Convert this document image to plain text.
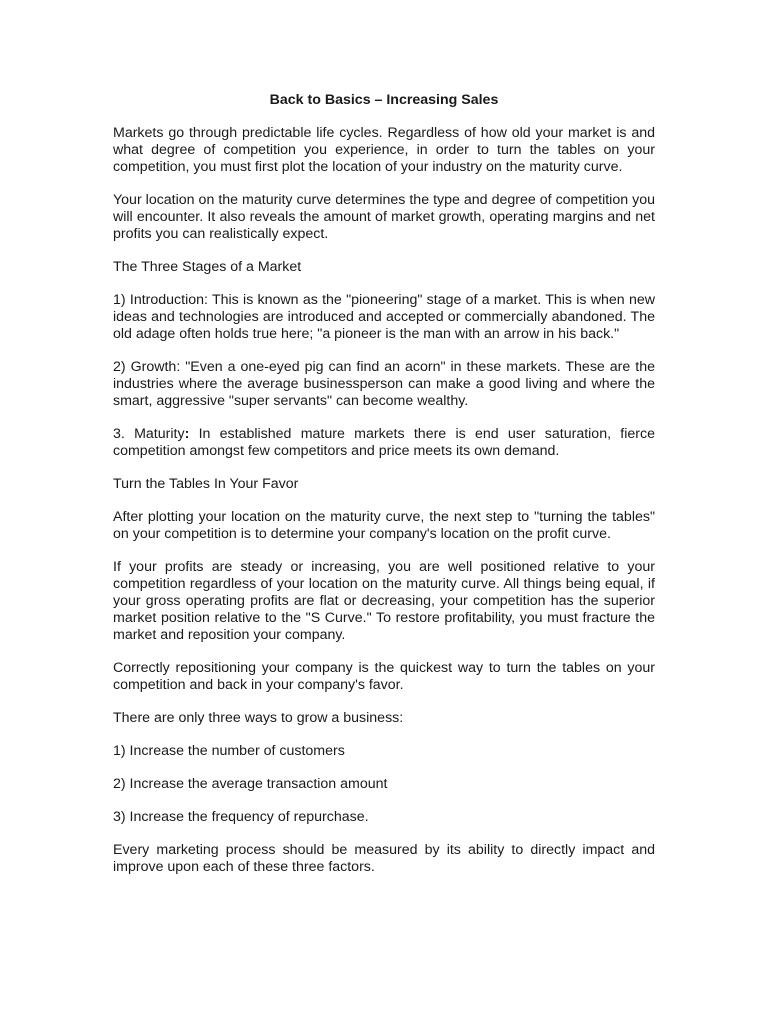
Back to Basics – Increasing Sales
Markets go through predictable life cycles. Regardless of how old your market is and what degree of competition you experience, in order to turn the tables on your competition, you must first plot the location of your industry on the maturity curve.
Your location on the maturity curve determines the type and degree of competition you will encounter. It also reveals the amount of market growth, operating margins and net profits you can realistically expect.
The Three Stages of a Market
1) Introduction: This is known as the "pioneering" stage of a market. This is when new ideas and technologies are introduced and accepted or commercially abandoned. The old adage often holds true here; "a pioneer is the man with an arrow in his back."
2) Growth: "Even a one-eyed pig can find an acorn" in these markets. These are the industries where the average businessperson can make a good living and where the smart, aggressive "super servants" can become wealthy.
3. Maturity: In established mature markets there is end user saturation, fierce competition amongst few competitors and price meets its own demand.
Turn the Tables In Your Favor
After plotting your location on the maturity curve, the next step to "turning the tables" on your competition is to determine your company's location on the profit curve.
If your profits are steady or increasing, you are well positioned relative to your competition regardless of your location on the maturity curve. All things being equal, if your gross operating profits are flat or decreasing, your competition has the superior market position relative to the "S Curve." To restore profitability, you must fracture the market and reposition your company.
Correctly repositioning your company is the quickest way to turn the tables on your competition and back in your company's favor.
There are only three ways to grow a business:
1) Increase the number of customers
2) Increase the average transaction amount
3) Increase the frequency of repurchase.
Every marketing process should be measured by its ability to directly impact and improve upon each of these three factors.
